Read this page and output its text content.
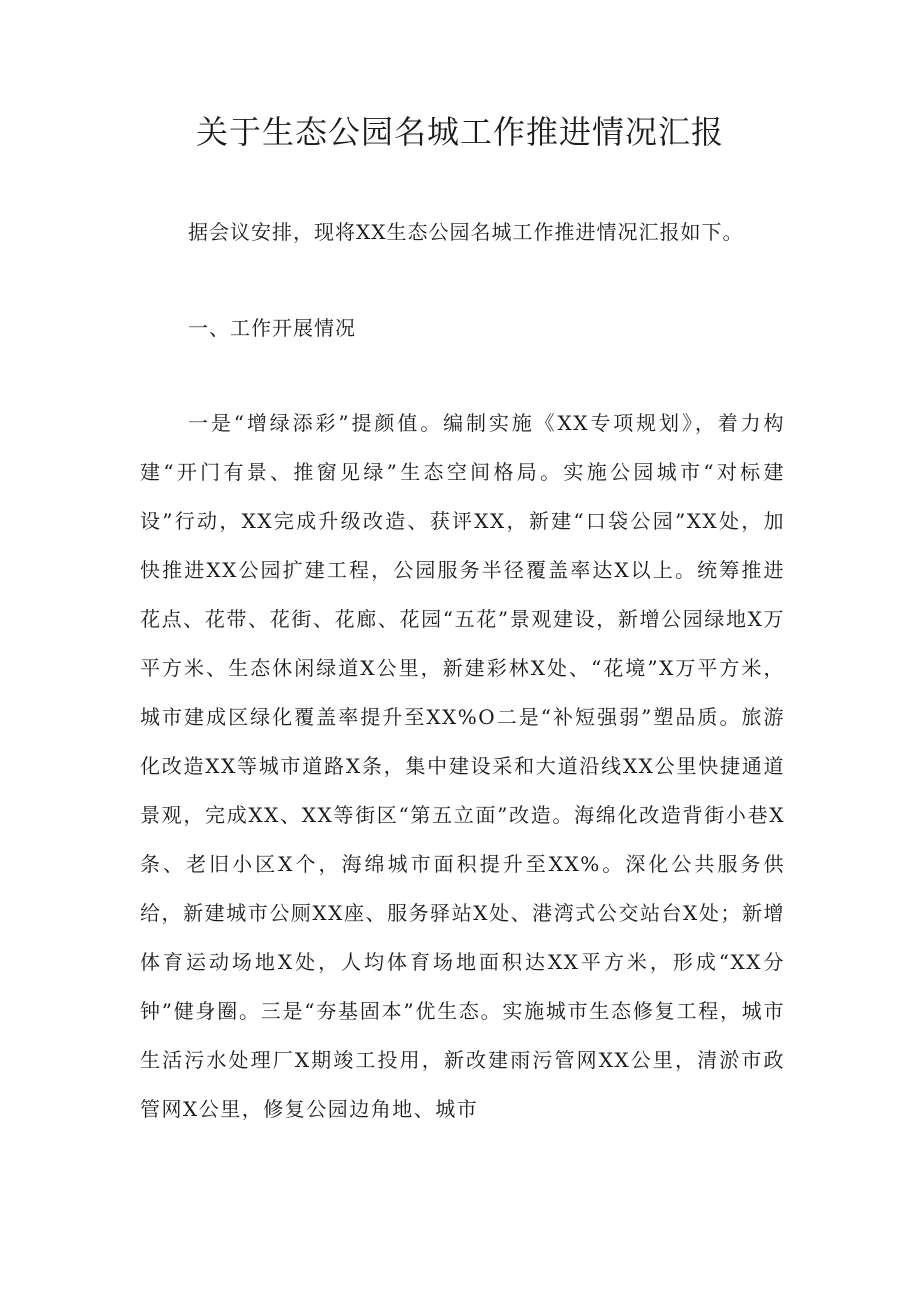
关于生态公园名城工作推进情况汇报

据会议安排，现将XX生态公园名城工作推进情况汇报如下。

一、工作开展情况

一是“增绿添彩”提颜值。编制实施《XX专项规划》，着力构建“开门有景、推窗见绿”生态空间格局。实施公园城市“对标建设”行动，XX完成升级改造、获评XX，新建“口袋公园”XX处，加快推进XX公园扩建工程，公园服务半径覆盖率达X以上。统筹推进花点、花带、花街、花廊、花园“五花”景观建设，新增公园绿地X万平方米、生态休闲绿道X公里，新建彩林X处、“花境”X万平方米，城市建成区绿化覆盖率提升至XX%O二是“补短强弱”塑品质。旅游化改造XX等城市道路X条，集中建设采和大道沿线XX公里快捷通道景观，完成XX、XX等街区“第五立面”改造。海绵化改造背街小巷X条、老旧小区X个，海绵城市面积提升至XX%。深化公共服务供给，新建城市公厕XX座、服务驿站X处、港湾式公交站台X处；新增体育运动场地X处，人均体育场地面积达XX平方米，形成“XX分钟”健身圈。三是“夯基固本”优生态。实施城市生态修复工程，城市生活污水处理厂X期竣工投用，新改建雨污管网XX公里，清淤市政管网X公里，修复公园边角地、城市
